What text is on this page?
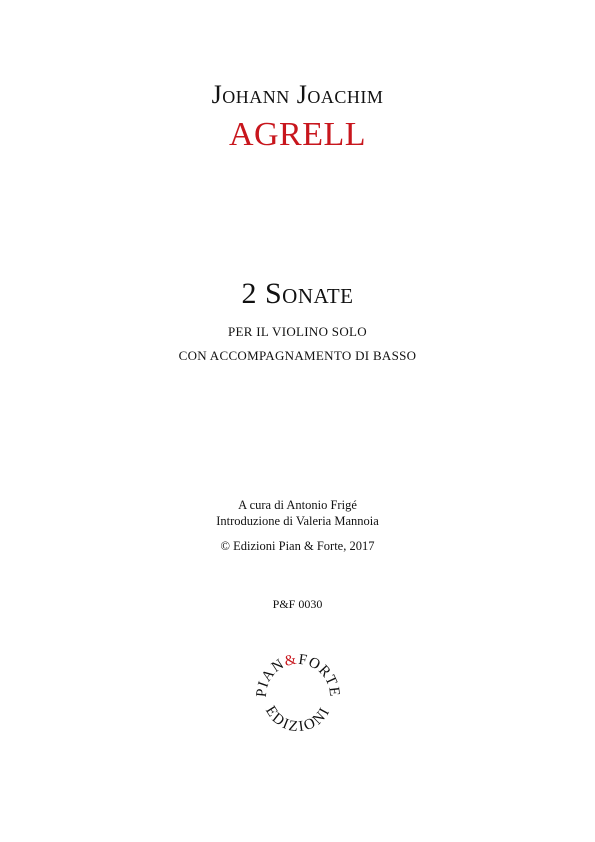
Johann Joachim
AGRELL
2 Sonate
PER IL VIOLINO SOLO
CON ACCOMPAGNAMENTO DI BASSO
A cura di Antonio Frigé
Introduzione di Valeria Mannoia
© Edizioni Pian & Forte, 2017
P&F 0030
PIAN&FORTE
EDIZIONI
